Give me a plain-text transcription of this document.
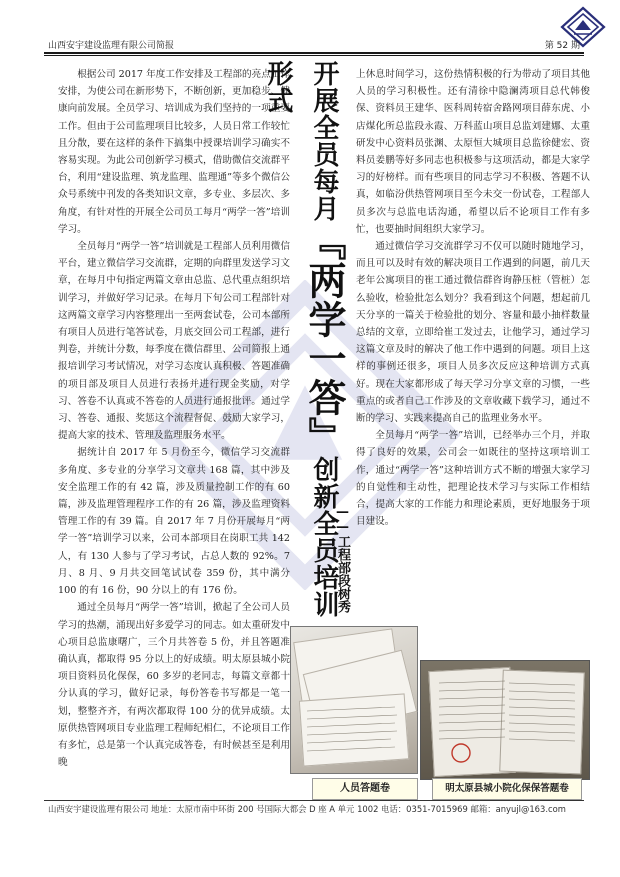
山西安宇建设监理有限公司简报	第 52 期

根据公司 2017 年度工作安排及工程部的亮点工作安排，为使公司在新形势下，不断创新，更加稳步、健康向前发展。全员学习、培训成为我们坚持的一项重要工作。但由于公司监理项目比较多，人员日常工作较忙且分散，要在这样的条件下搞集中授课培训学习确实不容易实现。为此公司创新学习模式，借助微信交流群平台，利用“建设监理、筑龙监理、监理通”等多个微信公众号系统中刊发的各类知识文章，多专业、多层次、多角度，有针对性的开展全公司员工每月“两学一答”培训学习。

全员每月“两学一答”培训就是工程部人员利用微信平台，建立微信学习交流群，定期的向群里发送学习文章，在每月中旬指定两篇文章由总监、总代重点组织培训学习，并做好学习记录。在每月下旬公司工程部针对这两篇文章学习内容整理出一至两套试卷，公司本部所有项目人员进行笔答试卷，月底交回公司工程部，进行判卷，并统计分数，每季度在微信群里、公司简报上通报培训学习考试情况，对学习态度认真积极、答题准确的项目部及项目人员进行表扬并进行现金奖励，对学习、答卷不认真或不答卷的人员进行通报批评。通过学习、答卷、通报、奖惩这个流程督促、鼓励大家学习，提高大家的技术、管理及监理服务水平。

据统计自 2017 年 5 月份至今，微信学习交流群多角度、多专业的分享学习文章共 168 篇，其中涉及安全监理工作的有 42 篇，涉及质量控制工作的有 60 篇，涉及监理管理程序工作的有 26 篇，涉及监理资料管理工作的有 39 篇。自 2017 年 7 月份开展每月“两学一答”培训学习以来，公司本部项目在岗职工共 142 人，有 130 人参与了学习考试，占总人数的 92%。7 月、8 月、9 月共交回笔试试卷 359 份，其中满分 100 的有 16 份，90 分以上的有 176 份。

通过全员每月“两学一答”培训，掀起了全公司人员学习的热潮，涌现出好多爱学习的同志。如太重研发中心项目总监康曙广，三个月共答卷 5 份，并且答题准确认真，都取得 95 分以上的好成绩。明太原县城小院项目资料员化保保，60 多岁的老同志，每篇文章都十分认真的学习，做好记录，每份答卷书写都是一笔一划，整整齐齐，有两次都取得 100 分的优异成绩。太原供热管网项目专业监理工程师纪相仁，不论项目工作有多忙，总是第一个认真完成答卷，有时候甚至是利用晚

开展全员每月『两学一答』创新全员培训形式
——工程部段树秀

上休息时间学习，这份热情积极的行为带动了项目其他人员的学习积极性。还有清徐中隐澜湾项目总代韩俊保、资料员王建华、医科周转宿舍路网项目薛东虎、小店煤化所总监段永霞、万科蓝山项目总监刘建娜、太重研发中心资料员张渊、太原恒大城项目总监徐健宏、资料员姜鹏等好多同志也积极参与这项活动，都是大家学习的好榜样。而有些项目的同志学习不积极、答题不认真，如临汾供热管网项目至今未交一份试卷，工程部人员多次与总监电话沟通，希望以后不论项目工作有多忙，也要抽时间组织大家学习。

通过微信学习交流群学习不仅可以随时随地学习，而且可以及时有效的解决项目工作遇到的问题，前几天老年公寓项目的崔工通过微信群咨询静压桩（管桩）怎么验收，检验批怎么划分？我看到这个问题，想起前几天分享的一篇关于检验批的划分、容量和最小抽样数量总结的文章，立即给崔工发过去，让他学习，通过学习这篇文章及时的解决了他工作中遇到的问题。项目上这样的事例还很多，项目人员多次反应这种培训方式真好。现在大家都形成了每天学习分享文章的习惯，一些重点的或者自己工作涉及的文章收藏下载学习，通过不断的学习、实践来提高自己的监理业务水平。

全员每月“两学一答”培训，已经举办三个月，并取得了良好的效果，公司会一如既往的坚持这项培训工作，通过“两学一答”这种培训方式不断的增强大家学习的自觉性和主动性，把理论技术学习与实际工作相结合，提高大家的工作能力和理论素质，更好地服务于项目建设。

人员答题卷	明太原县城小院化保保答题卷
山西安宇建设监理有限公司 地址：太原市南中环街 200 号国际大都会 D 座 A 单元 1002 电话：0351-7015969 邮箱：anyujl@163.com
